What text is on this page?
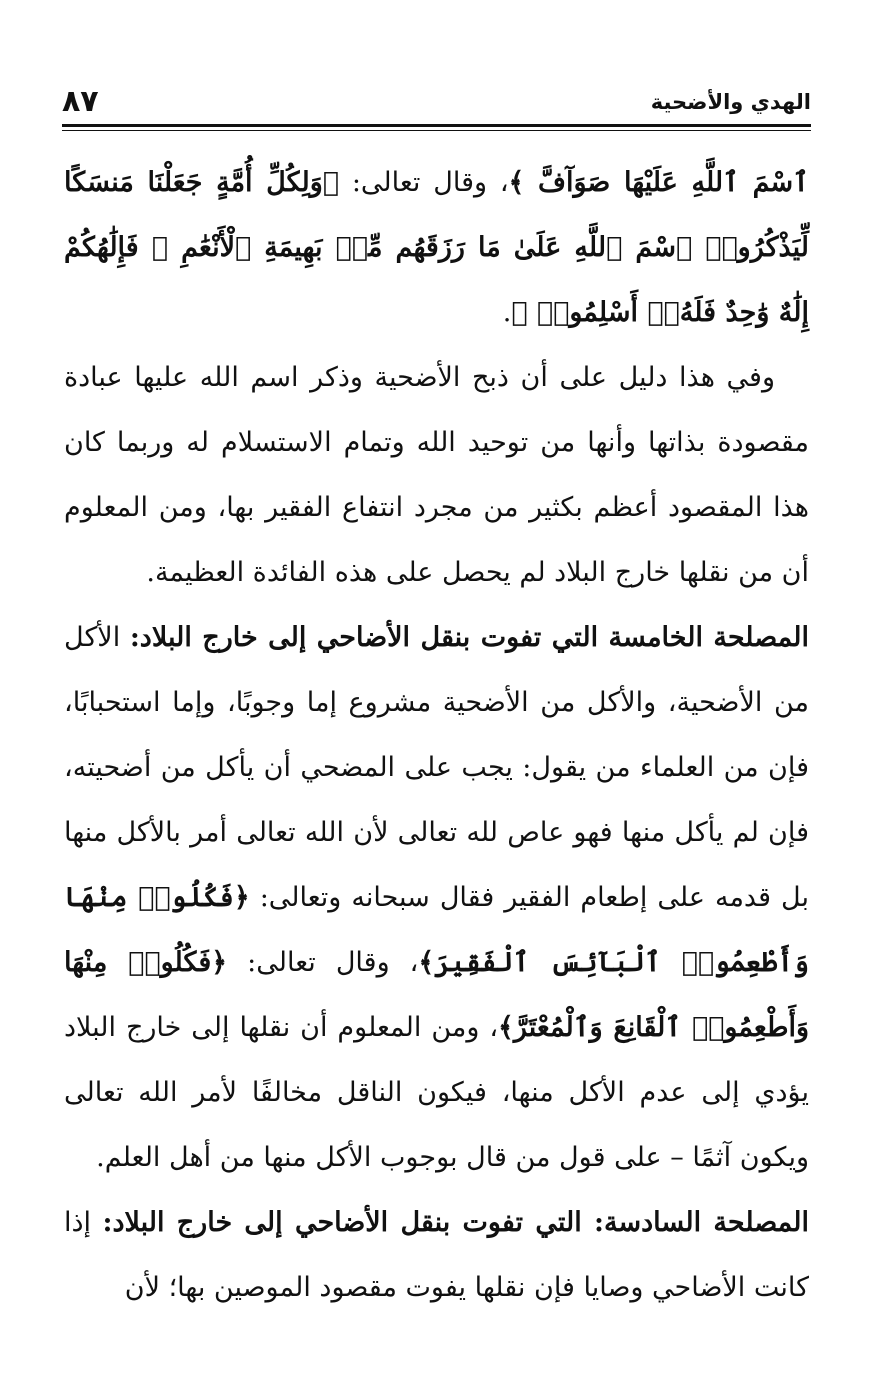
الهدي والأضحية
٨٧

ٱسْمَ ٱللَّهِ عَلَيْهَا صَوَآفَّ ﴾، وقال تعالى: ﴿وَلِكُلِّ أُمَّةٍ جَعَلْنَا مَنسَكًا لِّيَذْكُرُوا۟ ٱسْمَ ٱللَّهِ عَلَىٰ مَا رَزَقَهُم مِّنۢ بَهِيمَةِ ٱلْأَنْعَٰمِ ۗ فَإِلَٰهُكُمْ إِلَٰهٌ وَٰحِدٌ فَلَهُۥٓ أَسْلِمُوا۟ ﴾.

وفي هذا دليل على أن ذبح الأضحية وذكر اسم الله عليها عبادة مقصودة بذاتها وأنها من توحيد الله وتمام الاستسلام له وربما كان هذا المقصود أعظم بكثير من مجرد انتفاع الفقير بها، ومن المعلوم أن من نقلها خارج البلاد لم يحصل على هذه الفائدة العظيمة.

المصلحة الخامسة التي تفوت بنقل الأضاحي إلى خارج البلاد: الأكل من الأضحية، والأكل من الأضحية مشروع إما وجوبًا، وإما استحبابًا، فإن من العلماء من يقول: يجب على المضحي أن يأكل من أضحيته، فإن لم يأكل منها فهو عاص لله تعالى لأن الله تعالى أمر بالأكل منها بل قدمه على إطعام الفقير فقال سبحانه وتعالى: ﴿فَكُلُوا۟ مِنْهَا وَأَطْعِمُوا۟ ٱلْبَآئِسَ ٱلْفَقِيرَ﴾، وقال تعالى: ﴿فَكُلُوا۟ مِنْهَا وَأَطْعِمُوا۟ ٱلْقَانِعَ وَٱلْمُعْتَرَّ﴾، ومن المعلوم أن نقلها إلى خارج البلاد يؤدي إلى عدم الأكل منها، فيكون الناقل مخالفًا لأمر الله تعالى ويكون آثمًا – على قول من قال بوجوب الأكل منها من أهل العلم.

المصلحة السادسة: التي تفوت بنقل الأضاحي إلى خارج البلاد: إذا كانت الأضاحي وصايا فإن نقلها يفوت مقصود الموصين بها؛ لأن
